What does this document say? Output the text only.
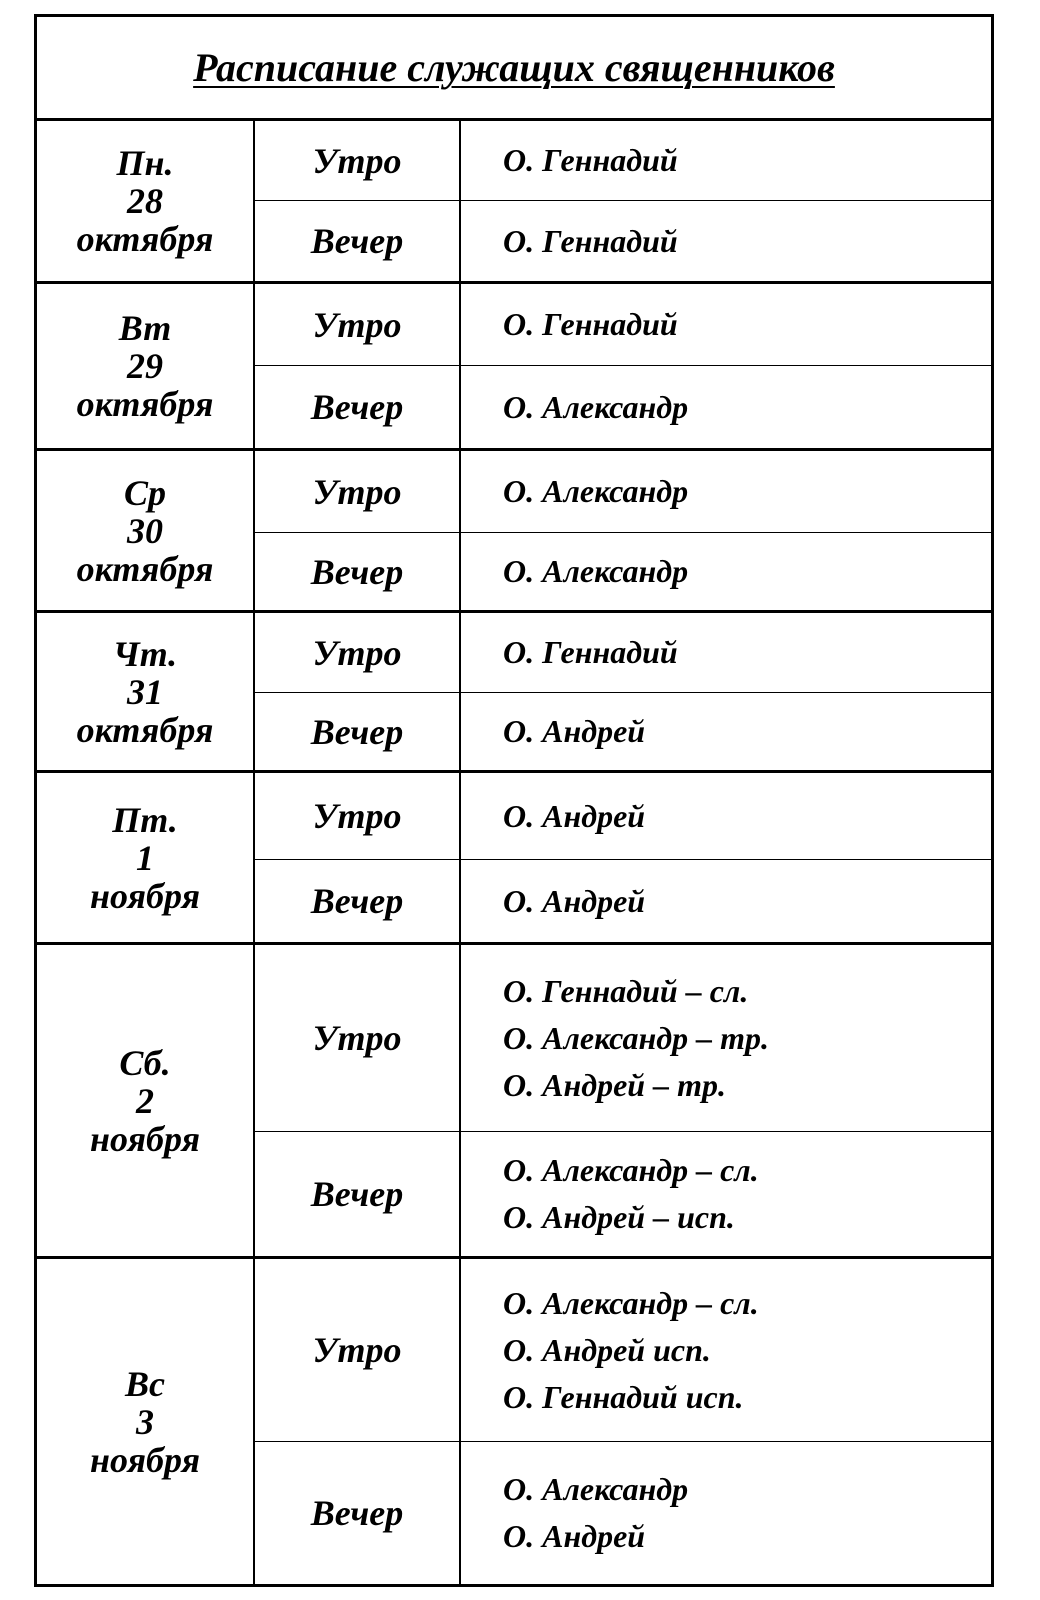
Расписание служащих священников
Пн.
28
октября
Утро	О. Геннадий
Вечер	О. Геннадий
Вт
29
октября
Утро	О. Геннадий
Вечер	О. Александр
Ср
30
октября
Утро	О. Александр
Вечер	О. Александр
Чт.
31
октября
Утро	О. Геннадий
Вечер	О. Андрей
Пт.
1
ноября
Утро	О. Андрей
Вечер	О. Андрей
Сб.
2
ноября
Утро
О. Геннадий – сл.
О. Александр – тр.
О. Андрей – тр.
Вечер
О. Александр – сл.
О. Андрей – исп.
Вс
3
ноября
Утро
О. Александр – сл.
О. Андрей исп.
О. Геннадий исп.
Вечер
О. Александр
О. Андрей
